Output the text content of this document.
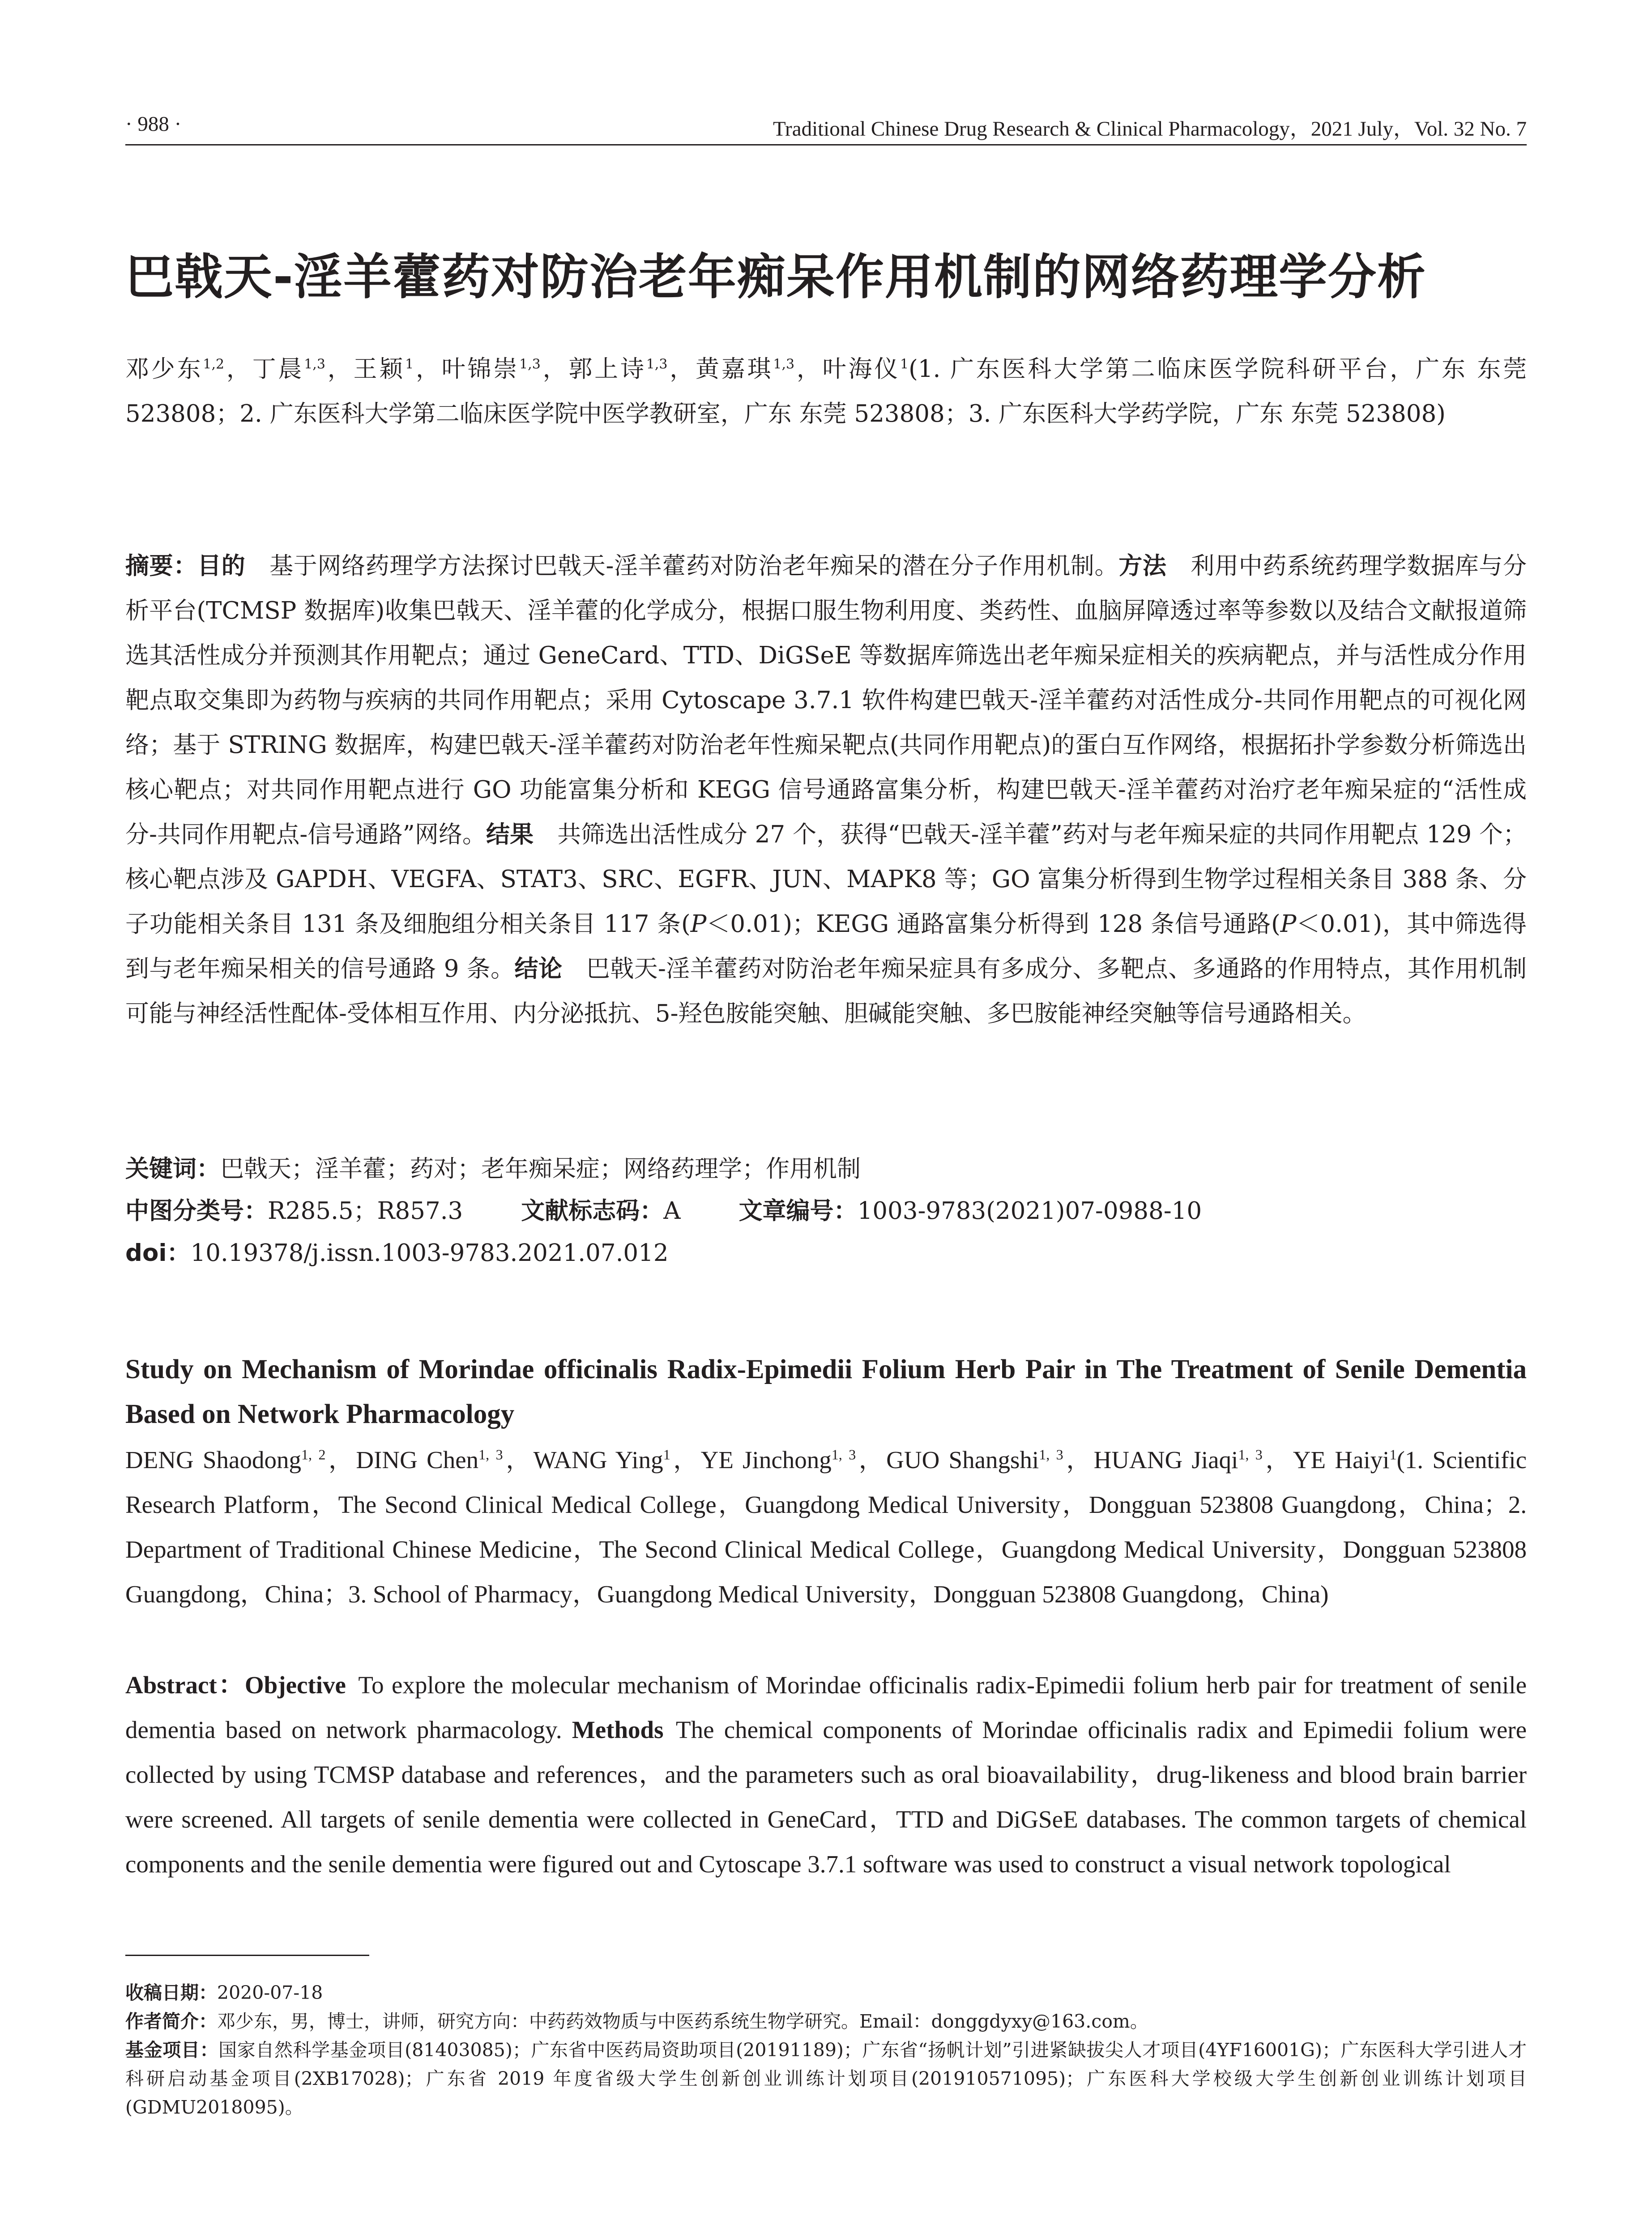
· 988 ·	Traditional Chinese Drug Research & Clinical Pharmacology，2021 July，Vol. 32 No. 7
巴戟天-淫羊藿药对防治老年痴呆作用机制的网络药理学分析
邓少东$^{1,2}$，丁晨$^{1,3}$，王颖$^1$，叶锦崇$^{1,3}$，郭上诗$^{1,3}$，黄嘉琪$^{1,3}$，叶海仪$^1$(1. 广东医科大学第二临床医学院科研平台，广东 东莞 523808；2. 广东医科大学第二临床医学院中医学教研室，广东 东莞 523808；3. 广东医科大学药学院，广东 东莞 523808)
摘要：目的  基于网络药理学方法探讨巴戟天-淫羊藿药对防治老年痴呆的潜在分子作用机制。方法  利用中药系统药理学数据库与分析平台(TCMSP 数据库)收集巴戟天、淫羊藿的化学成分，根据口服生物利用度、类药性、血脑屏障透过率等参数以及结合文献报道筛选其活性成分并预测其作用靶点；通过 GeneCard、TTD、DiGSeE 等数据库筛选出老年痴呆症相关的疾病靶点，并与活性成分作用靶点取交集即为药物与疾病的共同作用靶点；采用 Cytoscape 3.7.1 软件构建巴戟天-淫羊藿药对活性成分-共同作用靶点的可视化网络；基于 STRING 数据库，构建巴戟天-淫羊藿药对防治老年性痴呆靶点(共同作用靶点)的蛋白互作网络，根据拓扑学参数分析筛选出核心靶点；对共同作用靶点进行 GO 功能富集分析和 KEGG 信号通路富集分析，构建巴戟天-淫羊藿药对治疗老年痴呆症的“活性成分-共同作用靶点-信号通路”网络。结果  共筛选出活性成分 27 个，获得“巴戟天-淫羊藿”药对与老年痴呆症的共同作用靶点 129 个；核心靶点涉及 GAPDH、VEGFA、STAT3、SRC、EGFR、JUN、MAPK8 等；GO 富集分析得到生物学过程相关条目 388 条、分子功能相关条目 131 条及细胞组分相关条目 117 条(P＜0.01)；KEGG 通路富集分析得到 128 条信号通路(P＜0.01)，其中筛选得到与老年痴呆相关的信号通路 9 条。结论  巴戟天-淫羊藿药对防治老年痴呆症具有多成分、多靶点、多通路的作用特点，其作用机制可能与神经活性配体-受体相互作用、内分泌抵抗、5-羟色胺能突触、胆碱能突触、多巴胺能神经突触等信号通路相关。
关键词：巴戟天；淫羊藿；药对；老年痴呆症；网络药理学；作用机制
中图分类号：R285.5；R857.3 文献标志码：A 文章编号：1003-9783(2021)07-0988-10
doi：10.19378/j.issn.1003-9783.2021.07.012
Study on Mechanism of Morindae officinalis Radix-Epimedii Folium Herb Pair in The Treatment of Senile Dementia Based on Network Pharmacology
DENG Shaodong$^{1, 2}$，DING Chen$^{1, 3}$，WANG Ying$^1$，YE Jinchong$^{1, 3}$，GUO Shangshi$^{1, 3}$，HUANG Jiaqi$^{1, 3}$，YE Haiyi$^1$(1. Scientific Research Platform，The Second Clinical Medical College，Guangdong Medical University，Dongguan 523808 Guangdong，China；2. Department of Traditional Chinese Medicine，The Second Clinical Medical College，Guangdong Medical University，Dongguan 523808 Guangdong，China；3. School of Pharmacy，Guangdong Medical University，Dongguan 523808 Guangdong，China)
Abstract：Objective  To explore the molecular mechanism of Morindae officinalis radix-Epimedii folium herb pair for treatment of senile dementia based on network pharmacology. Methods  The chemical components of Morindae officinalis radix and Epimedii folium were collected by using TCMSP database and references，and the parameters such as oral bioavailability，drug-likeness and blood brain barrier were screened. All targets of senile dementia were collected in GeneCard，TTD and DiGSeE databases. The common targets of chemical components and the senile dementia were figured out and Cytoscape 3.7.1 software was used to construct a visual network topological

收稿日期：2020-07-18

作者简介：邓少东，男，博士，讲师，研究方向：中药药效物质与中医药系统生物学研究。Email：donggdyxy@163.com。

基金项目：国家自然科学基金项目(81403085)；广东省中医药局资助项目(20191189)；广东省“扬帆计划”引进紧缺拔尖人才项目(4YF16001G)；广东医科大学引进人才科研启动基金项目(2XB17028)；广东省 2019 年度省级大学生创新创业训练计划项目(201910571095)；广东医科大学校级大学生创新创业训练计划项目(GDMU2018095)。
